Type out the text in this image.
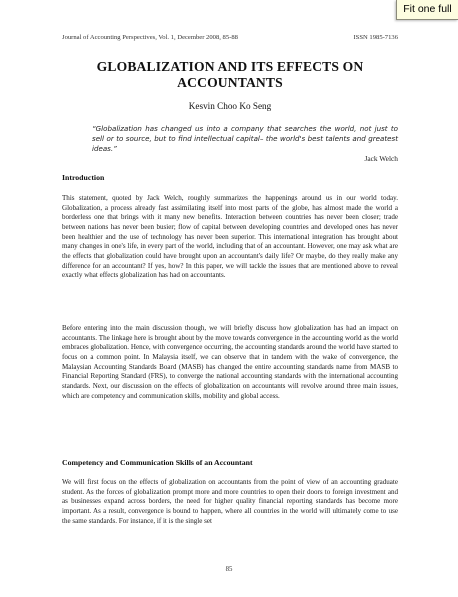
Journal of Accounting Perspectives, Vol. 1, December 2008, 85-88	ISSN 1985-7136
GLOBALIZATION AND ITS EFFECTS ON ACCOUNTANTS
Kesvin Choo Ko Seng
“Globalization has changed us into a company that searches the world, not just to sell or to source, but to find intellectual capital– the world's best talents and greatest ideas.”
Jack Welch
Introduction
This statement, quoted by Jack Welch, roughly summarizes the happenings around us in our world today. Globalization, a process already fast assimilating itself into most parts of the globe, has almost made the world a borderless one that brings with it many new benefits. Interaction between countries has never been closer; trade between nations has never been busier; flow of capital between developing countries and developed ones has never been healthier and the use of technology has never been superior. This international integration has brought about many changes in one's life, in every part of the world, including that of an accountant. However, one may ask what are the effects that globalization could have brought upon an accountant's daily life? Or maybe, do they really make any difference for an accountant? If yes, how? In this paper, we will tackle the issues that are mentioned above to reveal exactly what effects globalization has had on accountants.
Before entering into the main discussion though, we will briefly discuss how globalization has had an impact on accountants. The linkage here is brought about by the move towards convergence in the accounting world as the world embraces globalization. Hence, with convergence occurring, the accounting standards around the world have started to focus on a common point. In Malaysia itself, we can observe that in tandem with the wake of convergence, the Malaysian Accounting Standards Board (MASB) has changed the entire accounting standards name from MASB to Financial Reporting Standard (FRS), to converge the national accounting standards with the international accounting standards. Next, our discussion on the effects of globalization on accountants will revolve around three main issues, which are competency and communication skills, mobility and global access.
Competency and Communication Skills of an Accountant
We will first focus on the effects of globalization on accountants from the point of view of an accounting graduate student. As the forces of globalization prompt more and more countries to open their doors to foreign investment and as businesses expand across borders, the need for higher quality financial reporting standards has become more important. As a result, convergence is bound to happen, where all countries in the world will ultimately come to use the same standards. For instance, if it is the single set
85
Fit one full
